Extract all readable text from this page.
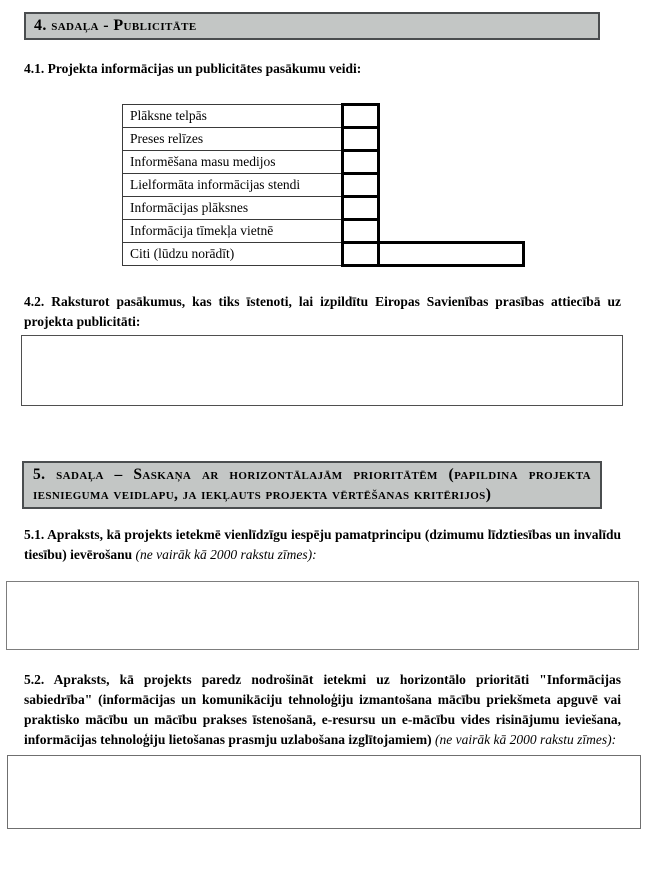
4. sadaļa - Publicitāte
4.1. Projekta informācijas un publicitātes pasākumu veidi:
Plāksne telpās		
Preses relīzes		
Informēšana masu medijos		
Lielformāta informācijas stendi		
Informācijas plāksnes		
Informācija tīmekļa vietnē		
Citi (lūdzu norādīt)		
4.2. Raksturot pasākumus, kas tiks īstenoti, lai izpildītu Eiropas Savienības prasības attiecībā uz projekta publicitāti:
5. sadaļa – Saskaņa ar horizontālajām prioritātēm (papildina projekta iesnieguma veidlapu, ja iekļauts projekta vērtēšanas kritērijos)
5.1. Apraksts, kā projekts ietekmē vienlīdzīgu iespēju pamatprincipu (dzimumu līdztiesības un invalīdu tiesību) ievērošanu (ne vairāk kā 2000 rakstu zīmes):
5.2. Apraksts, kā projekts paredz nodrošināt ietekmi uz horizontālo prioritāti "Informācijas sabiedrība" (informācijas un komunikāciju tehnoloģiju izmantošana mācību priekšmeta apguvē vai praktisko mācību un mācību prakses īstenošanā, e-resursu un e-mācību vides risinājumu ieviešana, informācijas tehnoloģiju lietošanas prasmju uzlabošana izglītojamiem) (ne vairāk kā 2000 rakstu zīmes):
